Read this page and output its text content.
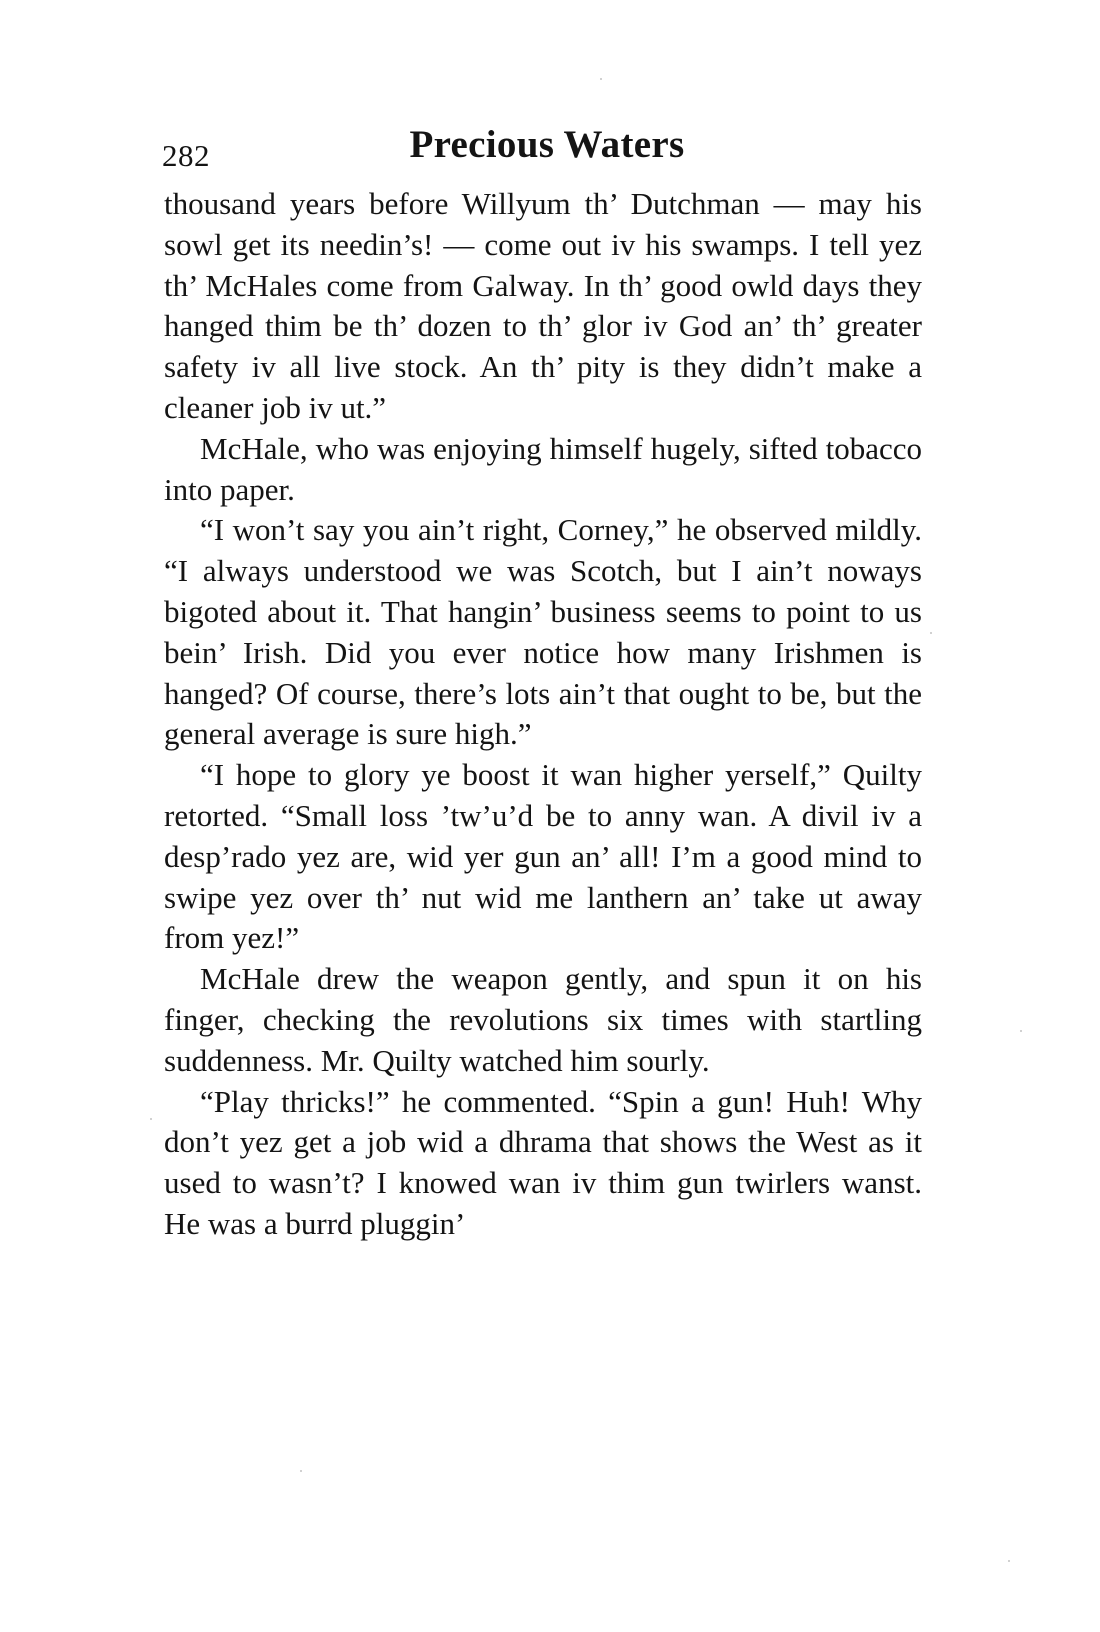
282	Precious Waters

thousand years before Willyum th’ Dutchman — may his sowl get its needin’s! — come out iv his swamps. I tell yez th’ McHales come from Galway. In th’ good owld days they hanged thim be th’ dozen to th’ glor iv God an’ th’ greater safety iv all live stock. An th’ pity is they didn’t make a cleaner job iv ut.”

McHale, who was enjoying himself hugely, sifted tobacco into paper.

“I won’t say you ain’t right, Corney,” he observed mildly. “I always understood we was Scotch, but I ain’t noways bigoted about it. That hangin’ business seems to point to us bein’ Irish. Did you ever notice how many Irishmen is hanged? Of course, there’s lots ain’t that ought to be, but the general average is sure high.”

“I hope to glory ye boost it wan higher yerself,” Quilty retorted. “Small loss ’tw’u’d be to anny wan. A divil iv a desp’rado yez are, wid yer gun an’ all! I’m a good mind to swipe yez over th’ nut wid me lanthern an’ take ut away from yez!”

McHale drew the weapon gently, and spun it on his finger, checking the revolutions six times with startling suddenness. Mr. Quilty watched him sourly.

“Play thricks!” he commented. “Spin a gun! Huh! Why don’t yez get a job wid a dhrama that shows the West as it used to wasn’t? I knowed wan iv thim gun twirlers wanst. He was a burrd pluggin’
